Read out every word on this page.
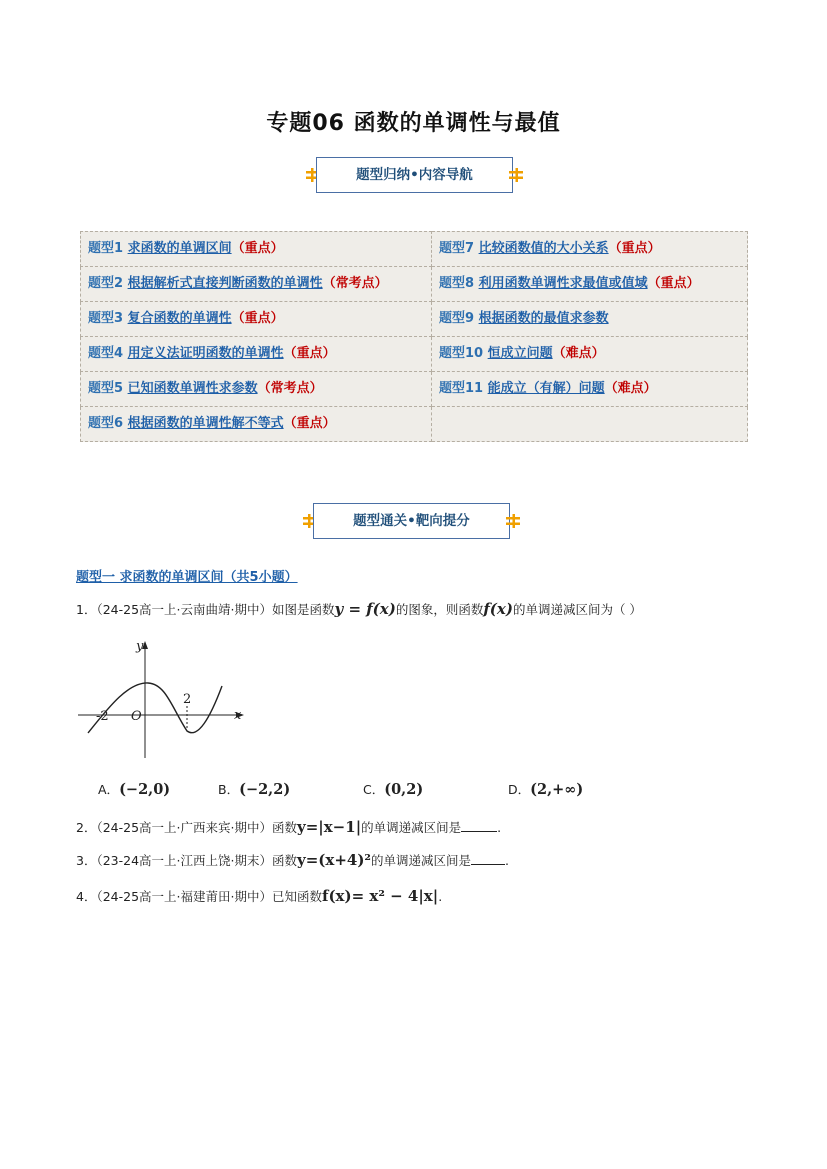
专题06 函数的单调性与最值
题型归纳•内容导航
题型1 求函数的单调区间（重点）	题型7 比较函数值的大小关系（重点）
题型2 根据解析式直接判断函数的单调性（常考点）	题型8 利用函数单调性求最值或值域（重点）
题型3 复合函数的单调性（重点）	题型9 根据函数的最值求参数
题型4 用定义法证明函数的单调性（重点）	题型10 恒成立问题（难点）
题型5 已知函数单调性求参数（常考点）	题型11 能成立（有解）问题（难点）
题型6 根据函数的单调性解不等式（重点）	
题型通关•靶向提分
题型一 求函数的单调区间（共5小题）
1．（24-25高一上·云南曲靖·期中）如图是函数y = f(x)的图象，则函数f(x)的单调递减区间为（ ）
y
x
O
-2
2
A．(−2,0)	B．(−2,2)	C．(0,2)	D．(2,+∞)
2．（24-25高一上·广西来宾·期中）函数y=|x−1|的单调递减区间是	.
3．（23-24高一上·江西上饶·期末）函数y=(x+4)²的单调递减区间是	.
4．（24-25高一上·福建莆田·期中）已知函数f(x)= x² − 4|x|.
